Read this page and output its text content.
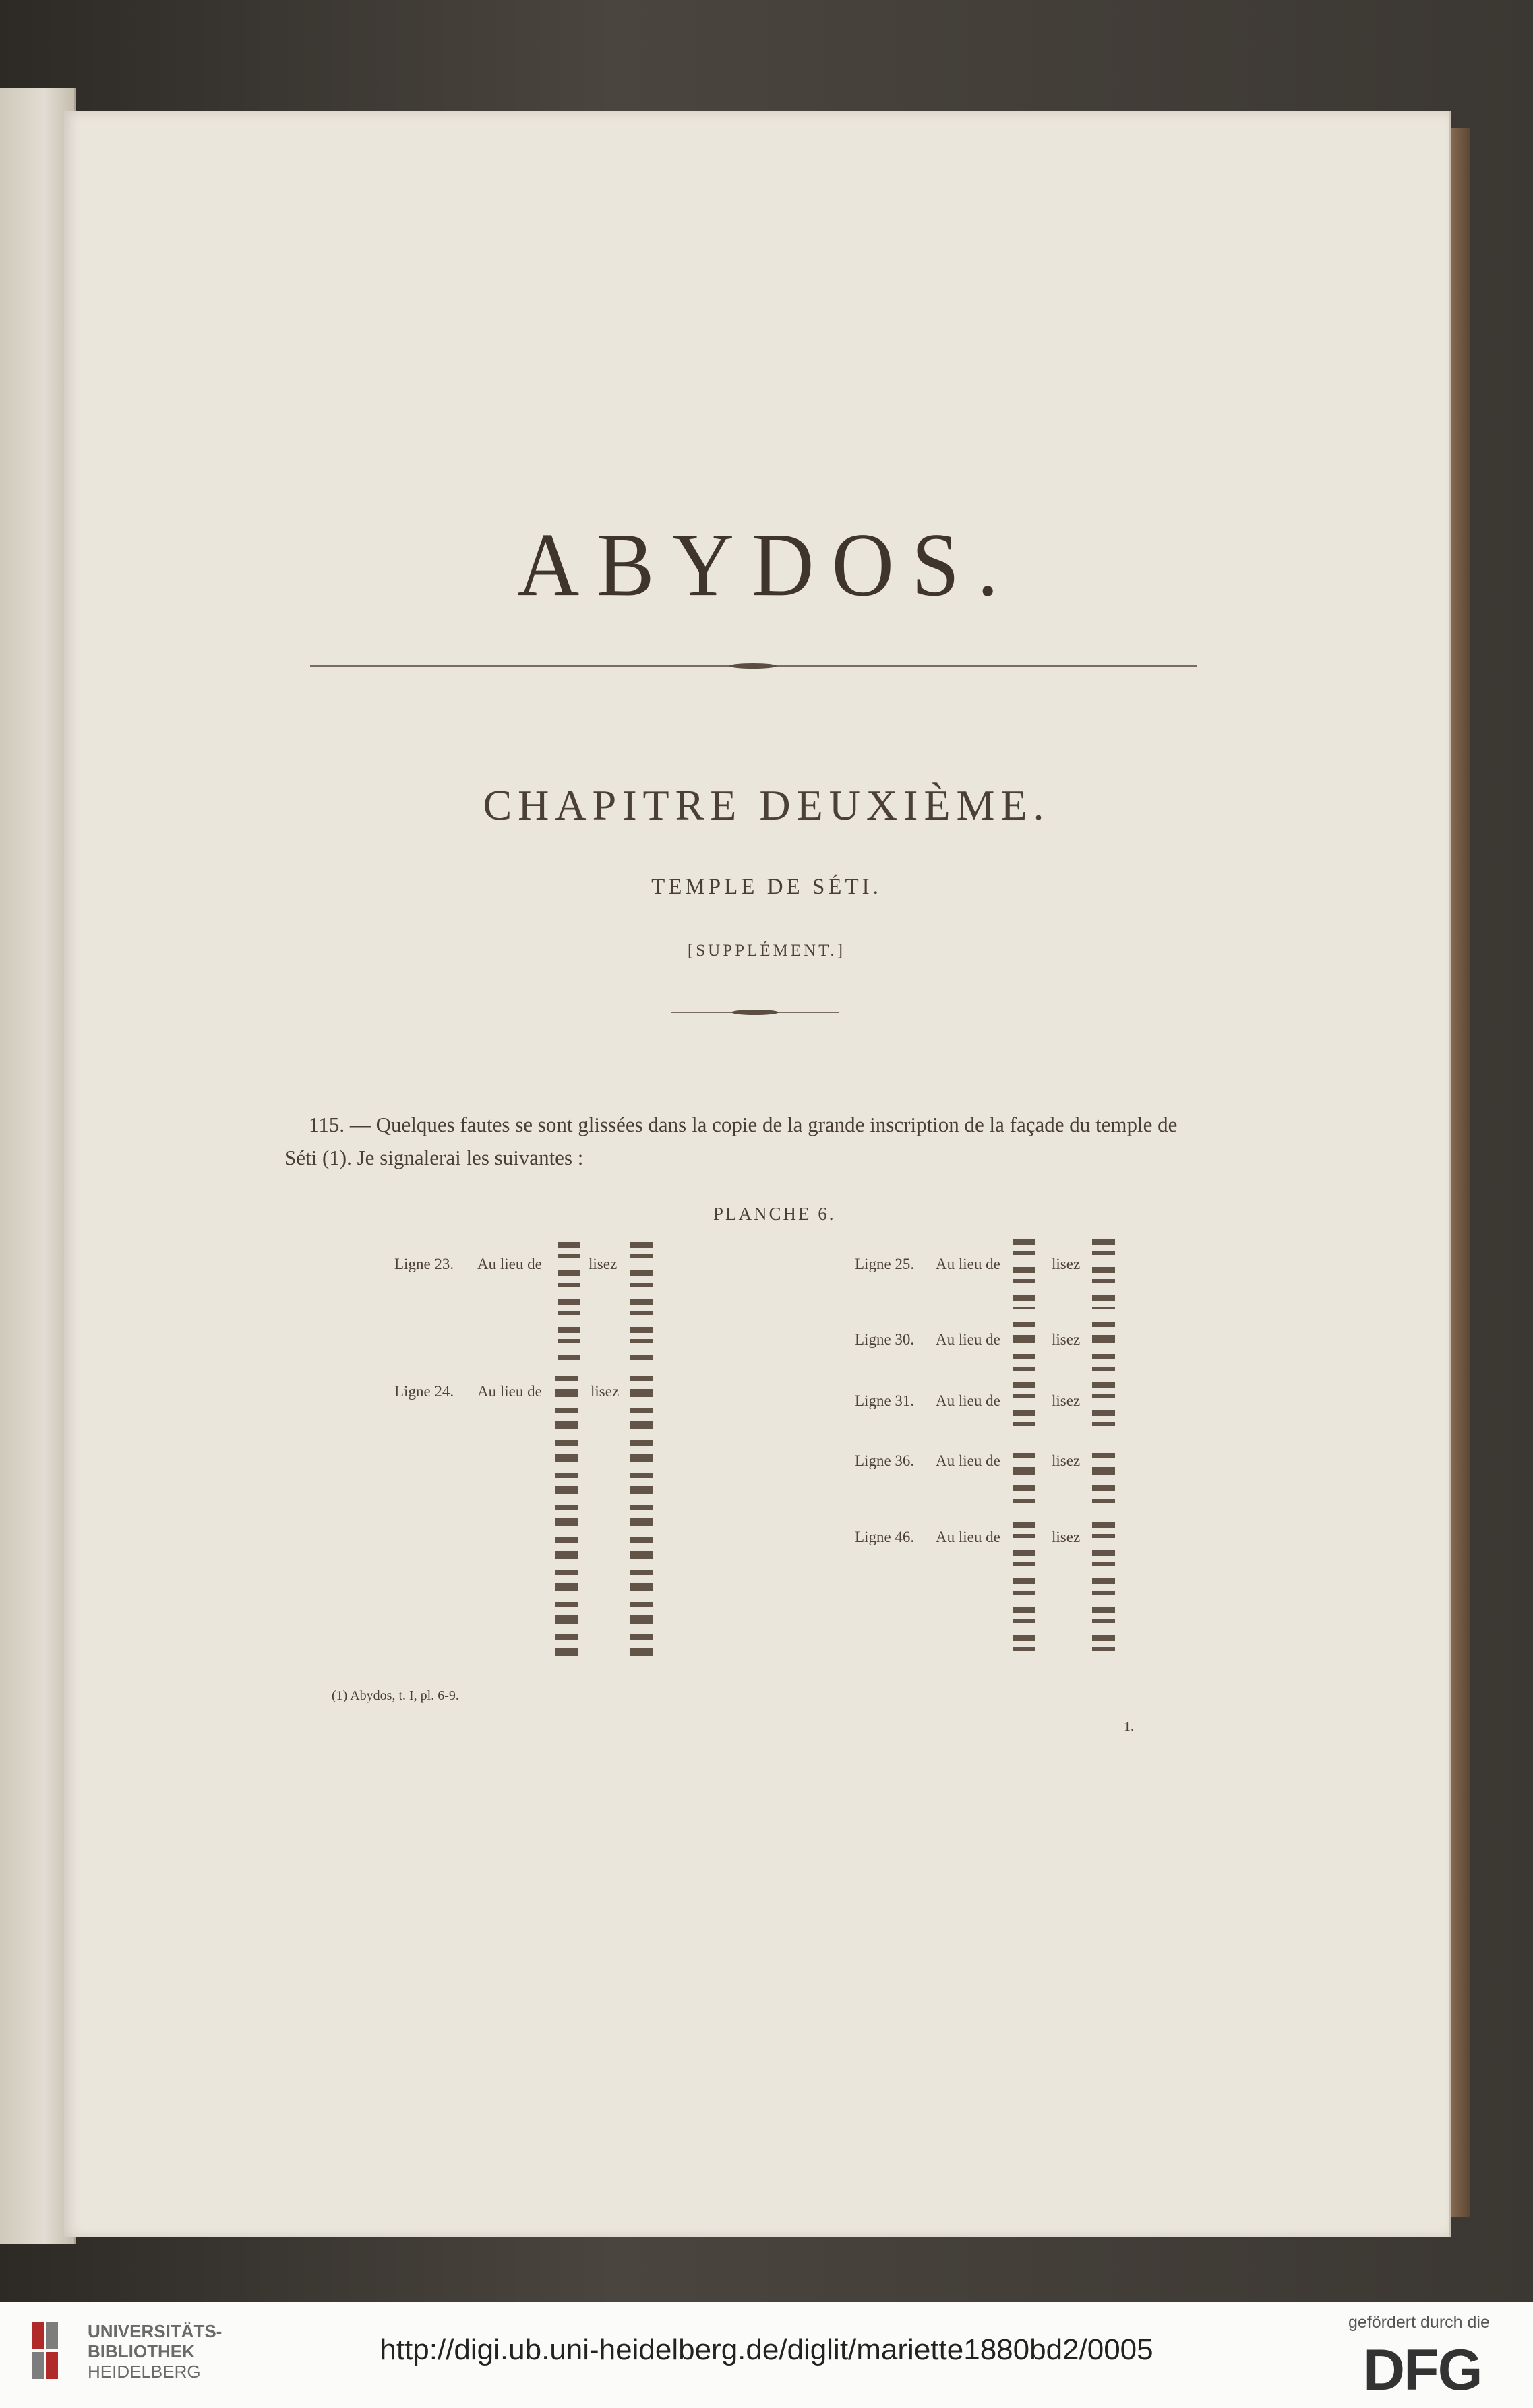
ABYDOS.
CHAPITRE DEUXIÈME.
TEMPLE DE SÉTI.
[SUPPLÉMENT.]
115. — Quelques fautes se sont glissées dans la copie de la grande inscription de la façade du temple de
Séti (1). Je signalerai les suivantes :
PLANCHE 6.
Ligne 23. Au lieu de	lisez
Ligne 24. Au lieu de	lisez
Ligne 25. Au lieu de	lisez
Ligne 30. Au lieu de	lisez
Ligne 31. Au lieu de	lisez
Ligne 36. Au lieu de	lisez
Ligne 46. Au lieu de	lisez
(1) Abydos, t. I, pl. 6-9.
1.
UNIVERSITÄTS-
BIBLIOTHEK
HEIDELBERG
http://digi.ub.uni-heidelberg.de/diglit/mariette1880bd2/0005
gefördert durch die
DFG
